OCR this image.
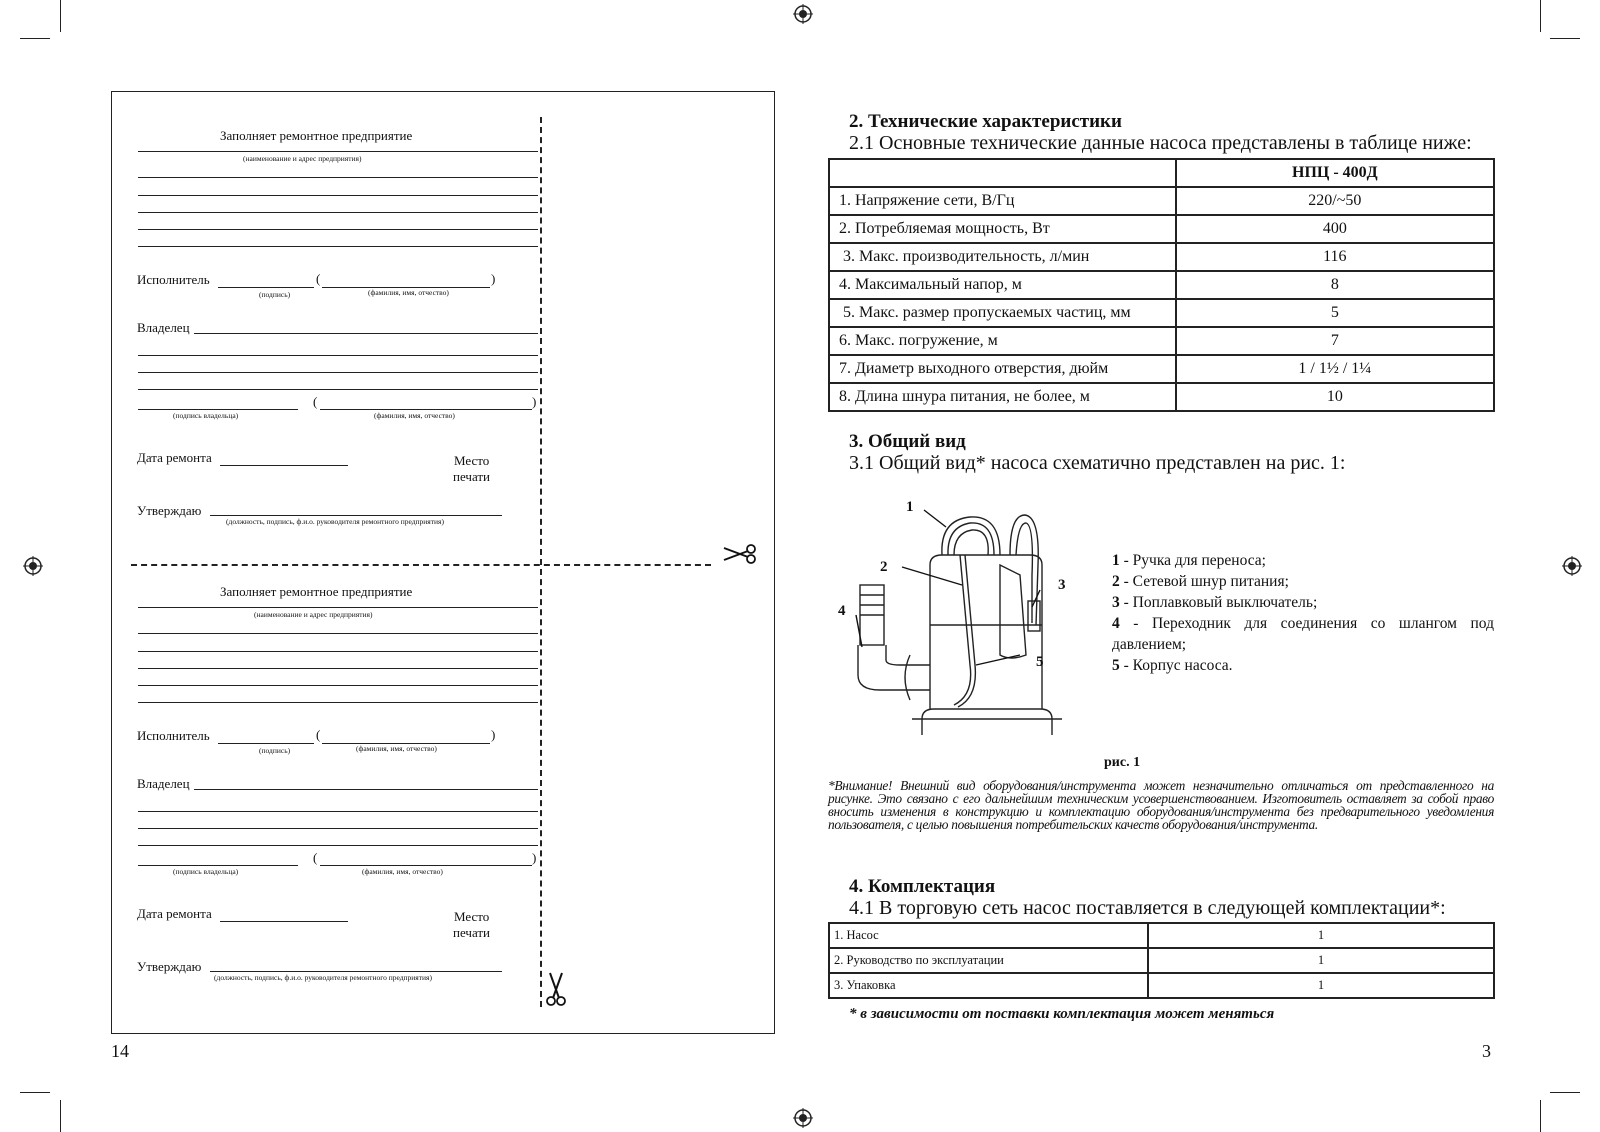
Заполняет ремонтное предприятие
(наименование и адрес предприятия)
Исполнитель	(	)
(подпись)	(фамилия, имя, отчество)
Владелец
(	)
(подпись владельца)	(фамилия, имя, отчество)
Дата ремонта	Место
печати
Утверждаю
(должность, подпись, ф.и.о. руководителя ремонтного предприятия)
Заполняет ремонтное предприятие
(наименование и адрес предприятия)
Исполнитель	(	)
(подпись)	(фамилия, имя, отчество)
Владелец
(	)
(подпись владельца)	(фамилия, имя, отчество)
Дата ремонта	Место
печати
Утверждаю
(должность, подпись, ф.и.о. руководителя ремонтного предприятия)
14
2. Технические характеристики
2.1 Основные технические данные насоса представлены в таблице ниже:
	НПЦ - 400Д
1. Напряжение сети, В/Гц	220/~50
2. Потребляемая мощность, Вт	400
3. Макс. производительность, л/мин	116
4. Максимальный напор, м	8
5. Макс. размер пропускаемых частиц, мм	5
6. Макс. погружение, м	7
7. Диаметр выходного отверстия, дюйм	1 / 1½ / 1¼
8. Длина шнура питания, не более, м	10
3. Общий вид
3.1 Общий вид* насоса схематично представлен на рис. 1:
1
2
3
4
5
1 - Ручка для переноса;
2 - Сетевой шнур питания;
3 - Поплавковый выключатель;
4 - Переходник для соединения со шлангом под давлением;
5 - Корпус насоса.
рис. 1
*Внимание! Внешний вид оборудования/инструмента может незначительно отличаться от представленного на рисунке. Это связано с его дальнейшим техническим усовершенствованием. Изготовитель оставляет за собой право вносить изменения в конструкцию и комплектацию оборудования/инструмента без предварительного уведомления пользователя, с целью повышения потребительских качеств оборудования/инструмента.
4. Комплектация
4.1 В торговую сеть насос поставляется в следующей комплектации*:
1. Насос	1
2. Руководство по эксплуатации	1
3. Упаковка	1
* в зависимости от поставки комплектация может меняться
3
